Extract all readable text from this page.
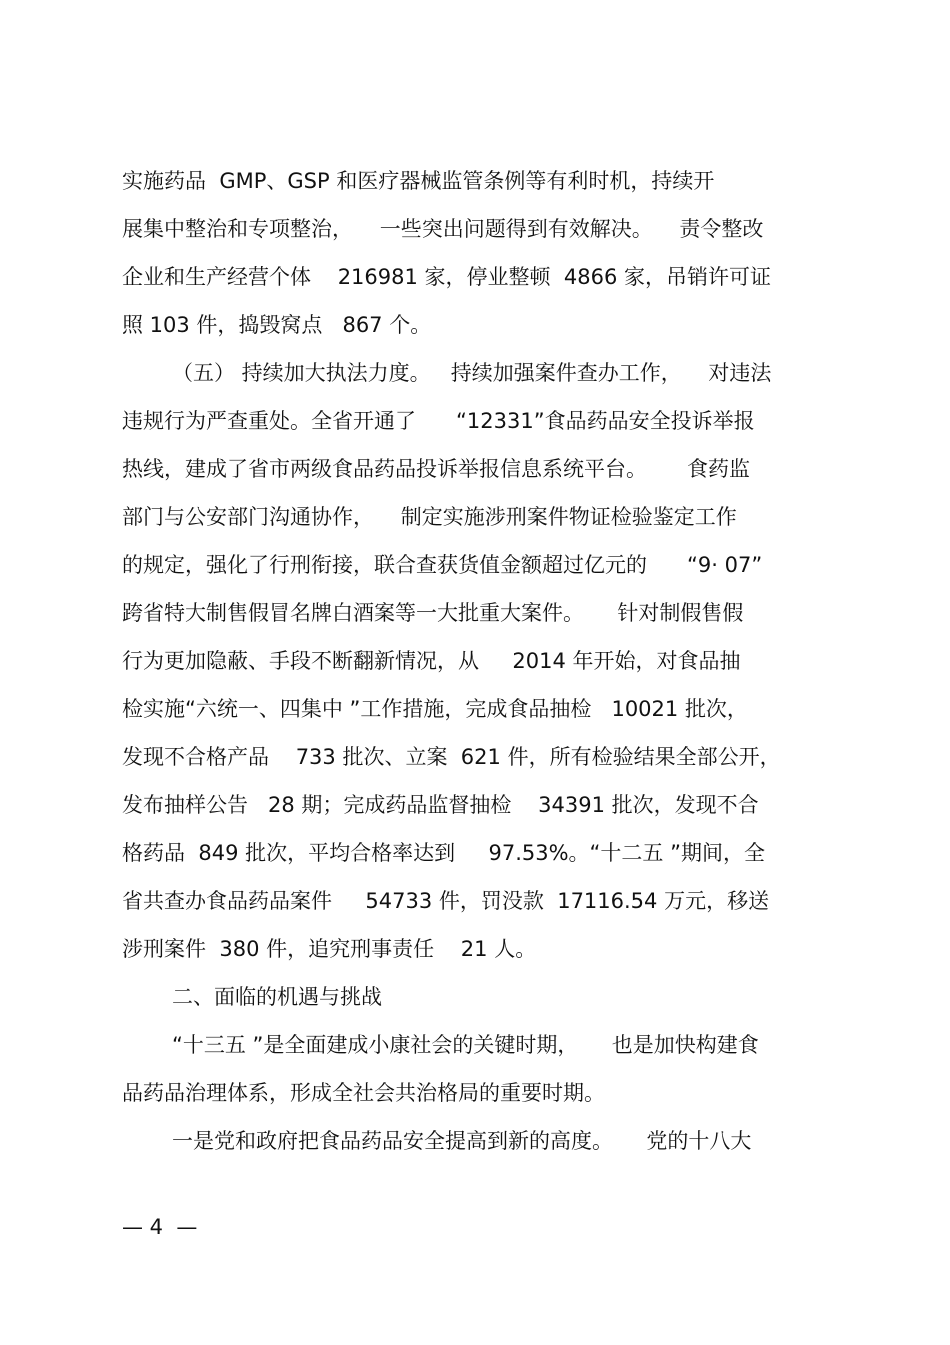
实施药品  GMP、GSP 和医疗器械监管条例等有利时机，持续开
展集中整治和专项整治，    一些突出问题得到有效解决。    责令整改
企业和生产经营个体    216981 家，停业整顿  4866 家，吊销许可证
照 103 件，捣毁窝点   867 个。
（五） 持续加大执法力度。   持续加强案件查办工作，    对违法
违规行为严查重处。全省开通了      “12331”食品药品安全投诉举报
热线，建成了省市两级食品药品投诉举报信息系统平台。      食药监
部门与公安部门沟通协作，    制定实施涉刑案件物证检验鉴定工作
的规定，强化了行刑衔接，联合查获货值金额超过亿元的      “9· 07”
跨省特大制售假冒名牌白酒案等一大批重大案件。     针对制假售假
行为更加隐蔽、手段不断翻新情况，从     2014 年开始，对食品抽
检实施“六统一、四集中 ”工作措施，完成食品抽检   10021 批次，
发现不合格产品    733 批次、立案  621 件，所有检验结果全部公开，
发布抽样公告   28 期；完成药品监督抽检    34391 批次，发现不合
格药品  849 批次，平均合格率达到     97.53%。“十二五 ”期间，全
省共查办食品药品案件     54733 件，罚没款  17116.54 万元，移送
涉刑案件  380 件，追究刑事责任    21 人。
二、面临的机遇与挑战
“十三五 ”是全面建成小康社会的关键时期，     也是加快构建食
品药品治理体系，形成全社会共治格局的重要时期。
一是党和政府把食品药品安全提高到新的高度。     党的十八大
— 4  —
